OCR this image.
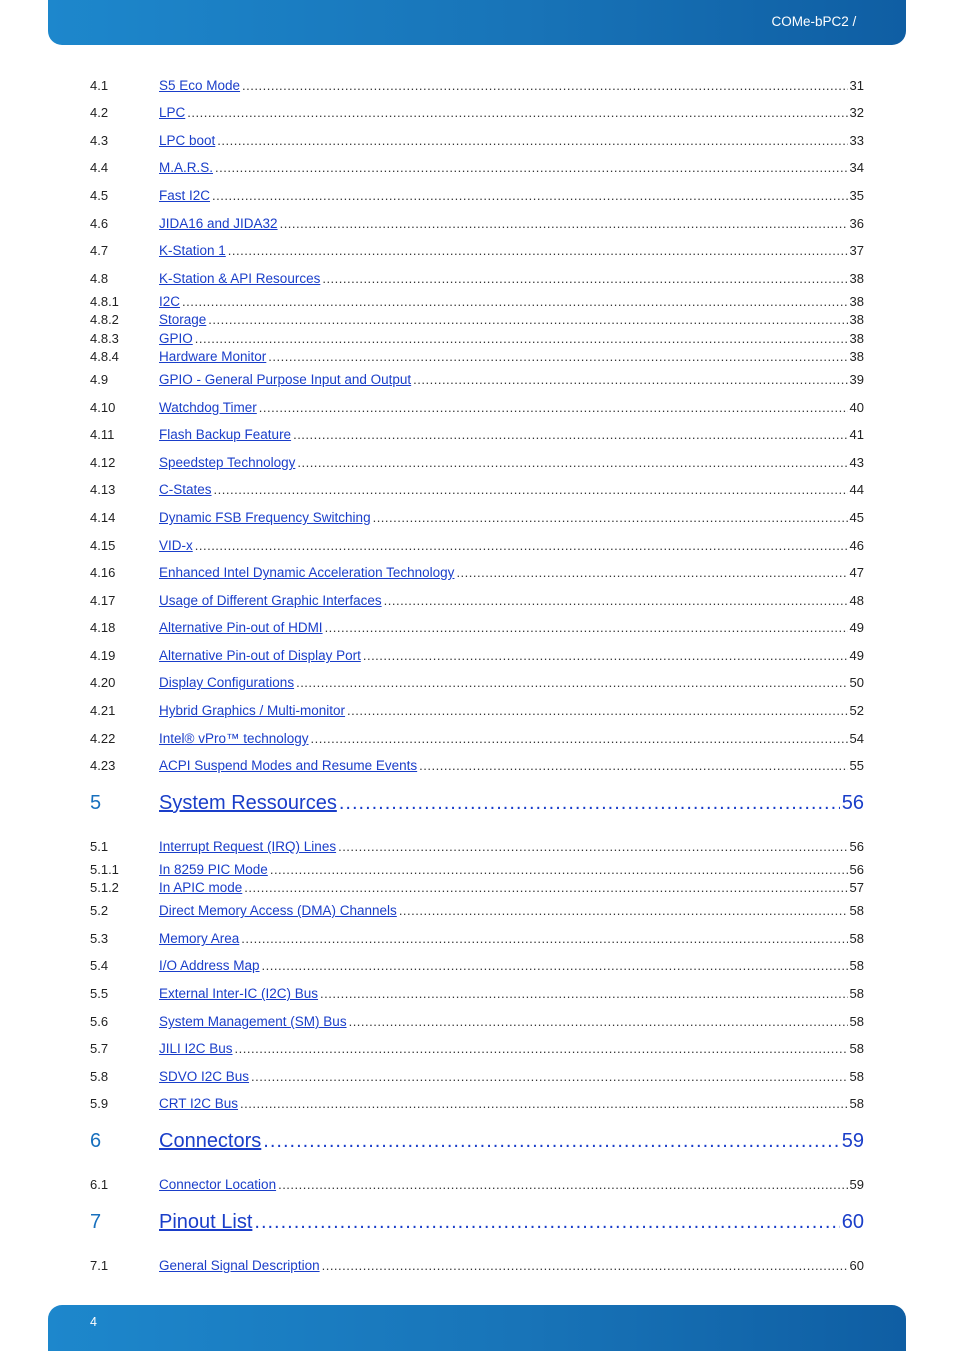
COMe-bPC2 /
4.1	S5 Eco Mode .....	31
4.2	LPC .....	32
4.3	LPC boot .....	33
4.4	M.A.R.S. .....	34
4.5	Fast I2C .....	35
4.6	JIDA16 and JIDA32 .....	36
4.7	K-Station 1 .....	37
4.8	K-Station & API Resources .....	38
4.8.1	I2C .....	38
4.8.2	Storage .....	38
4.8.3	GPIO .....	38
4.8.4	Hardware Monitor .....	38
4.9	GPIO - General Purpose Input and Output .....	39
4.10	Watchdog Timer .....	40
4.11	Flash Backup Feature .....	41
4.12	Speedstep Technology .....	43
4.13	C-States .....	44
4.14	Dynamic FSB Frequency Switching .....	45
4.15	VID-x .....	46
4.16	Enhanced Intel Dynamic Acceleration Technology .....	47
4.17	Usage of Different Graphic Interfaces .....	48
4.18	Alternative Pin-out of HDMI .....	49
4.19	Alternative Pin-out of Display Port .....	49
4.20	Display Configurations .....	50
4.21	Hybrid Graphics / Multi-monitor .....	52
4.22	Intel® vPro™ technology .....	54
4.23	ACPI Suspend Modes and Resume Events .....	55
5	System Ressources .....	56
5.1	Interrupt Request (IRQ) Lines .....	56
5.1.1	In 8259 PIC Mode .....	56
5.1.2	In APIC mode .....	57
5.2	Direct Memory Access (DMA) Channels .....	58
5.3	Memory Area .....	58
5.4	I/O Address Map .....	58
5.5	External Inter-IC (I2C) Bus .....	58
5.6	System Management (SM) Bus .....	58
5.7	JILI I2C Bus .....	58
5.8	SDVO I2C Bus .....	58
5.9	CRT I2C Bus .....	58
6	Connectors .....	59
6.1	Connector Location .....	59
7	Pinout List .....	60
7.1	General Signal Description .....	60
4
